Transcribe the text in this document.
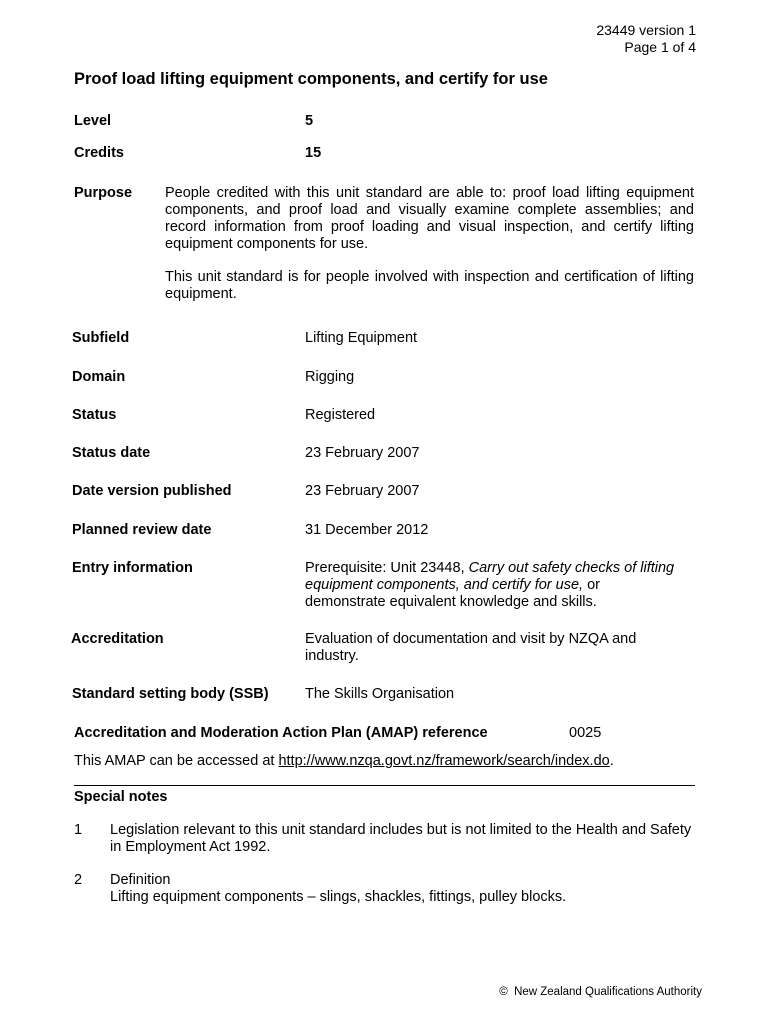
23449 version 1
Page 1 of 4
Proof load lifting equipment components, and certify for use
Level	5
Credits	15
Purpose People credited with this unit standard are able to: proof load lifting equipment components, and proof load and visually examine complete assemblies; and record information from proof loading and visual inspection, and certify lifting equipment components for use.
This unit standard is for people involved with inspection and certification of lifting equipment.
Subfield	Lifting Equipment
Domain	Rigging
Status	Registered
Status date	23 February 2007
Date version published	23 February 2007
Planned review date	31 December 2012
Entry information	Prerequisite: Unit 23448, Carry out safety checks of lifting equipment components, and certify for use, or demonstrate equivalent knowledge and skills.
Accreditation	Evaluation of documentation and visit by NZQA and industry.
Standard setting body (SSB)	The Skills Organisation
Accreditation and Moderation Action Plan (AMAP) reference	0025
This AMAP can be accessed at http://www.nzqa.govt.nz/framework/search/index.do.
Special notes
1 Legislation relevant to this unit standard includes but is not limited to the Health and Safety in Employment Act 1992.
2 Definition
Lifting equipment components – slings, shackles, fittings, pulley blocks.
© New Zealand Qualifications Authority
